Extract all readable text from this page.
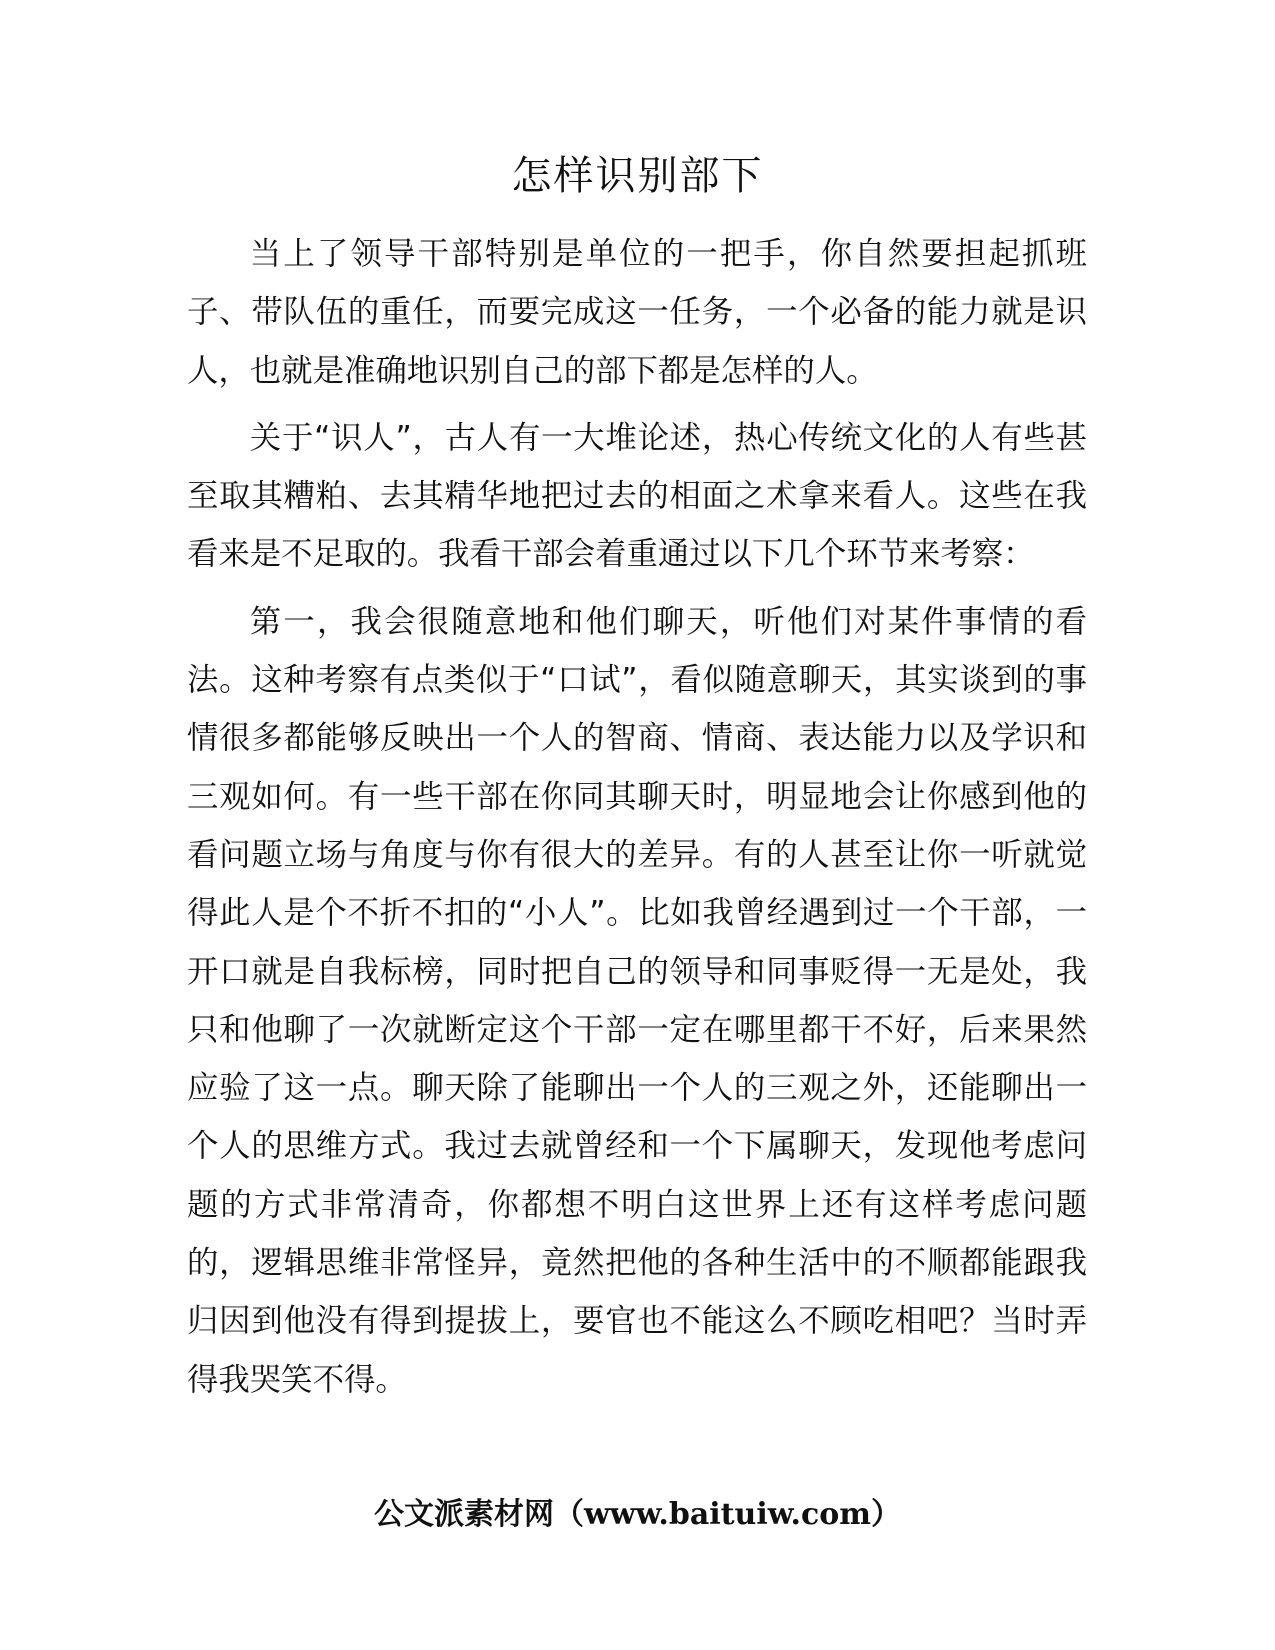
怎样识别部下

当上了领导干部特别是单位的一把手，你自然要担起抓班子、带队伍的重任，而要完成这一任务，一个必备的能力就是识人，也就是准确地识别自己的部下都是怎样的人。

关于“识人”，古人有一大堆论述，热心传统文化的人有些甚至取其糟粕、去其精华地把过去的相面之术拿来看人。这些在我看来是不足取的。我看干部会着重通过以下几个环节来考察：

第一，我会很随意地和他们聊天，听他们对某件事情的看法。这种考察有点类似于“口试”，看似随意聊天，其实谈到的事情很多都能够反映出一个人的智商、情商、表达能力以及学识和三观如何。有一些干部在你同其聊天时，明显地会让你感到他的看问题立场与角度与你有很大的差异。有的人甚至让你一听就觉得此人是个不折不扣的“小人”。比如我曾经遇到过一个干部，一开口就是自我标榜，同时把自己的领导和同事贬得一无是处，我只和他聊了一次就断定这个干部一定在哪里都干不好，后来果然应验了这一点。聊天除了能聊出一个人的三观之外，还能聊出一个人的思维方式。我过去就曾经和一个下属聊天，发现他考虑问题的方式非常清奇，你都想不明白这世界上还有这样考虑问题的，逻辑思维非常怪异，竟然把他的各种生活中的不顺都能跟我归因到他没有得到提拔上，要官也不能这么不顾吃相吧？当时弄得我哭笑不得。

公文派素材网（www.baituiw.com）
